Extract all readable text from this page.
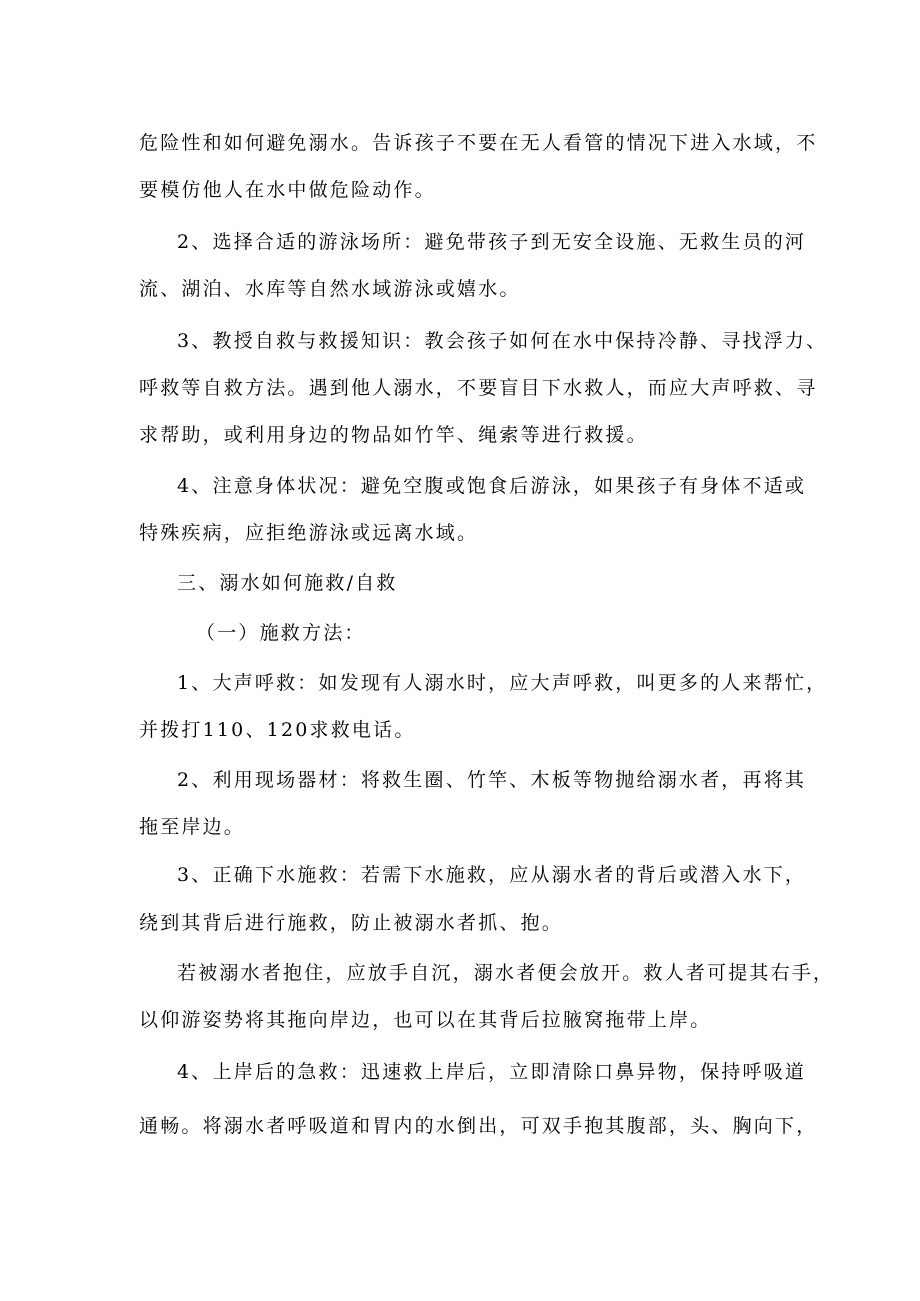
危险性和如何避免溺水。告诉孩子不要在无人看管的情况下进入水域，不
要模仿他人在水中做危险动作。
2、选择合适的游泳场所：避免带孩子到无安全设施、无救生员的河
流、湖泊、水库等自然水域游泳或嬉水。
3、教授自救与救援知识：教会孩子如何在水中保持冷静、寻找浮力、
呼救等自救方法。遇到他人溺水，不要盲目下水救人，而应大声呼救、寻
求帮助，或利用身边的物品如竹竿、绳索等进行救援。
4、注意身体状况：避免空腹或饱食后游泳，如果孩子有身体不适或
特殊疾病，应拒绝游泳或远离水域。
三、溺水如何施救/自救
（一）施救方法：
1、大声呼救：如发现有人溺水时，应大声呼救，叫更多的人来帮忙，
并拨打110、120求救电话。
2、利用现场器材：将救生圈、竹竿、木板等物抛给溺水者，再将其
拖至岸边。
3、正确下水施救：若需下水施救，应从溺水者的背后或潜入水下，
绕到其背后进行施救，防止被溺水者抓、抱。
若被溺水者抱住，应放手自沉，溺水者便会放开。救人者可提其右手，
以仰游姿势将其拖向岸边，也可以在其背后拉腋窝拖带上岸。
4、上岸后的急救：迅速救上岸后，立即清除口鼻异物，保持呼吸道
通畅。将溺水者呼吸道和胃内的水倒出，可双手抱其腹部，头、胸向下，
